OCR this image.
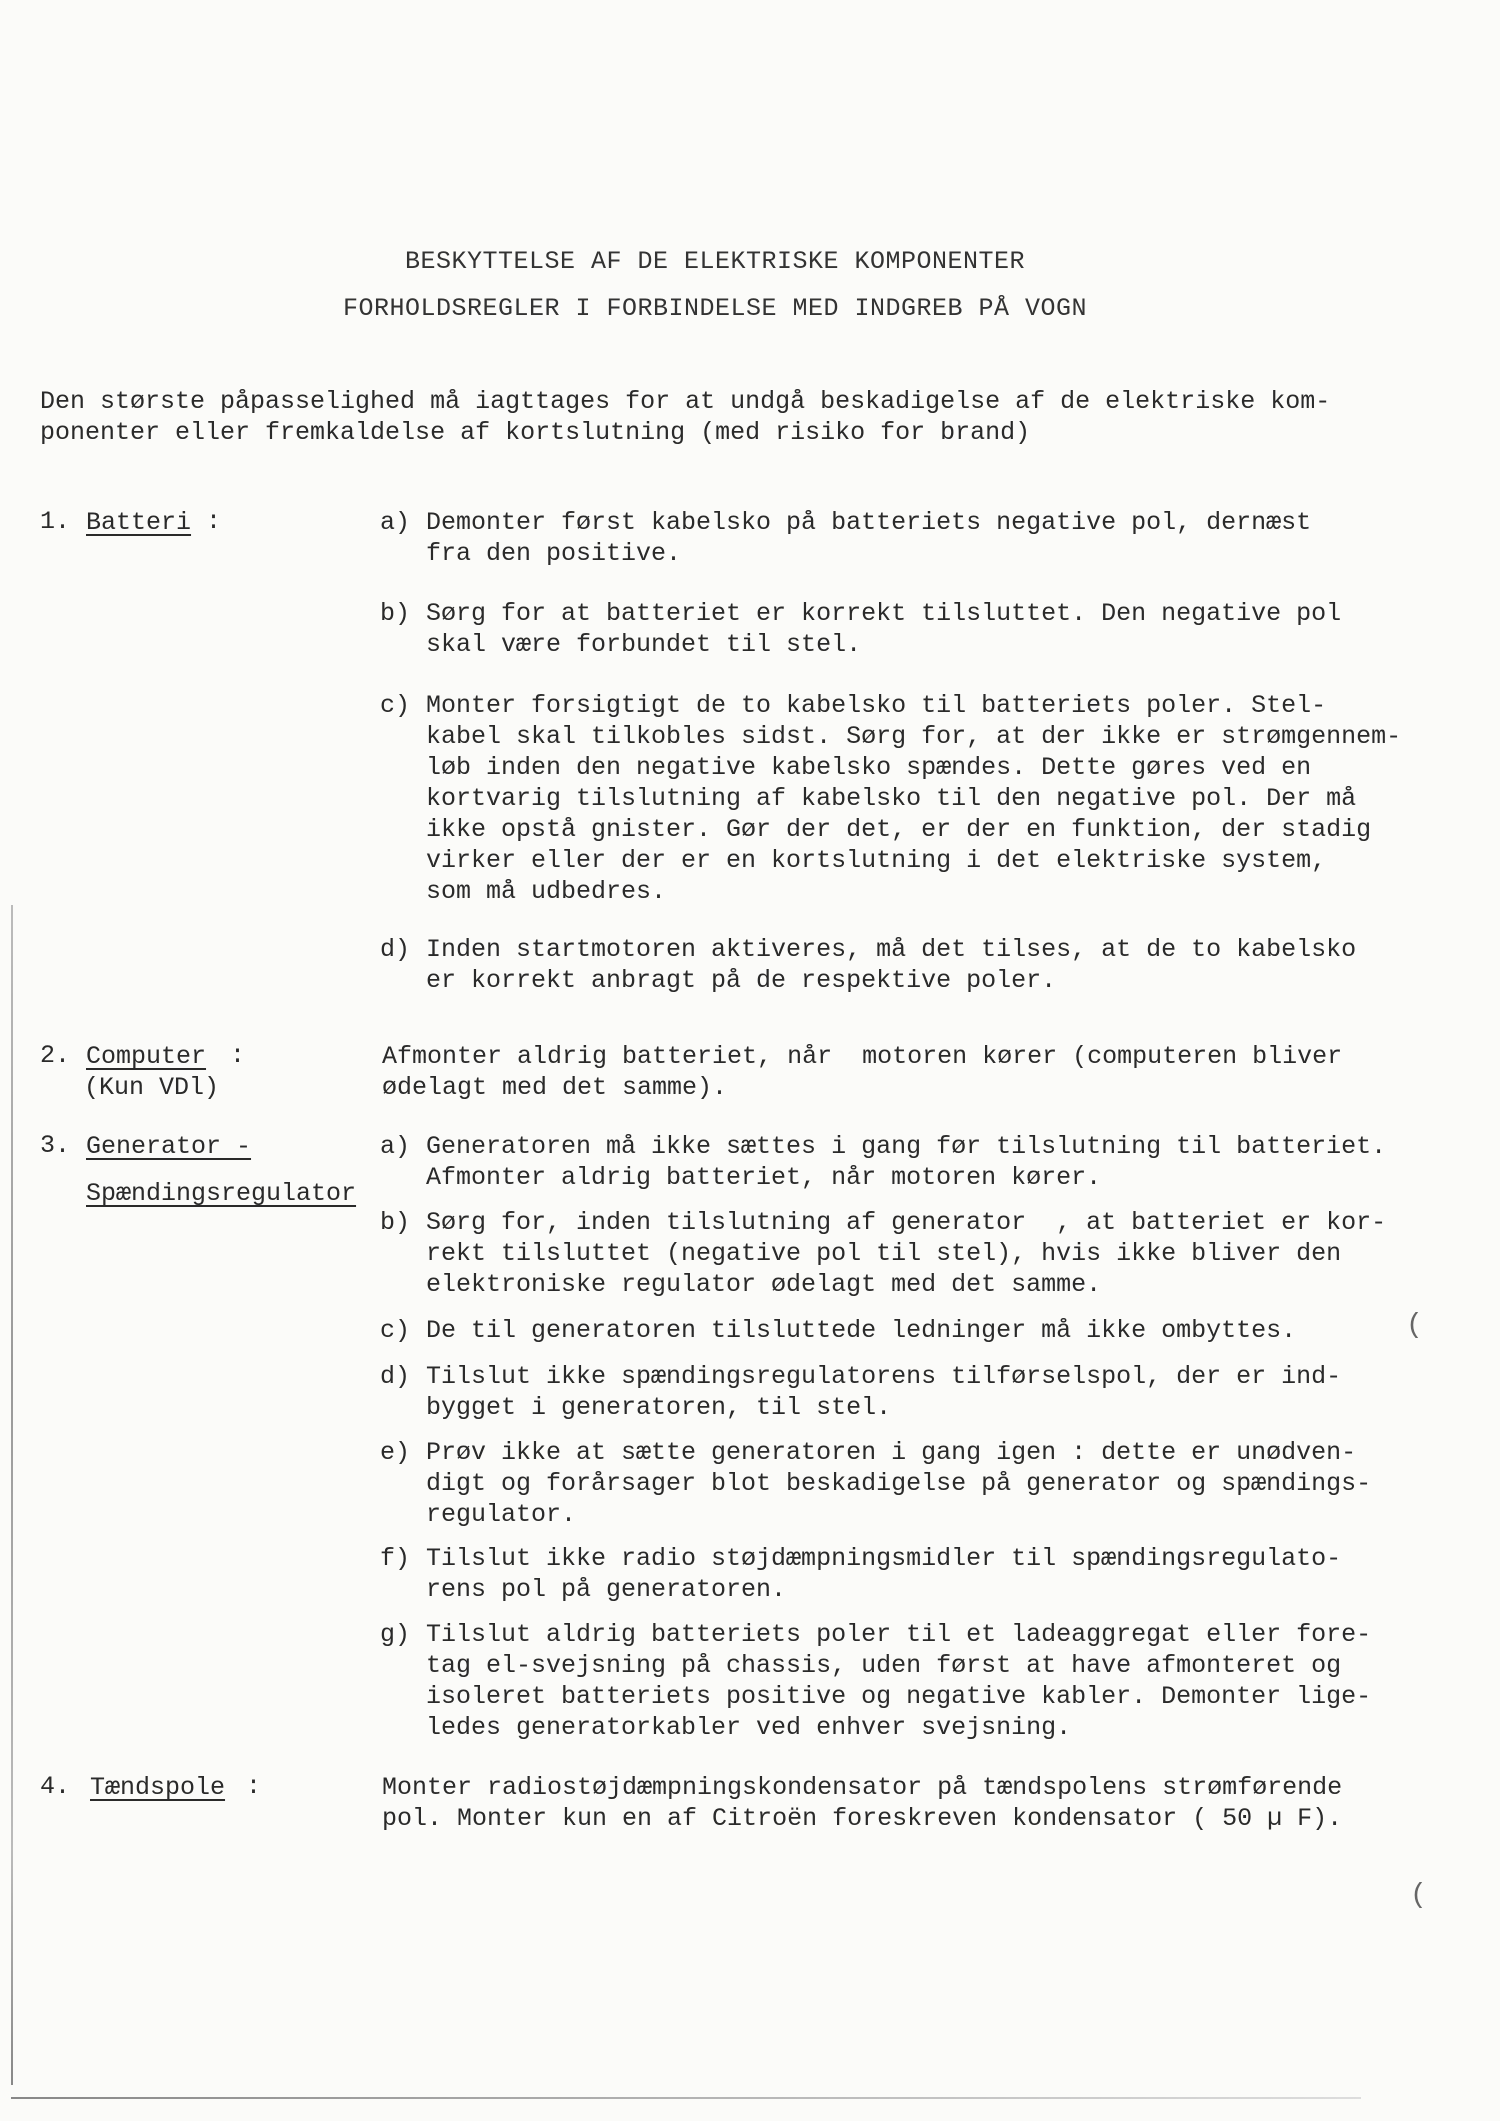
BESKYTTELSE AF DE ELEKTRISKE KOMPONENTER
FORHOLDSREGLER I FORBINDELSE MED INDGREB PÅ VOGN
Den største påpasselighed må iagttages for at undgå beskadigelse af de elektriske kom-
ponenter eller fremkaldelse af kortslutning (med risiko for brand)
1. Batteri :	a) Demonter først kabelsko på batteriets negative pol, dernæst
fra den positive.
b) Sørg for at batteriet er korrekt tilsluttet. Den negative pol
skal være forbundet til stel.
c) Monter forsigtigt de to kabelsko til batteriets poler. Stel-
kabel skal tilkobles sidst. Sørg for, at der ikke er strømgennem-
løb inden den negative kabelsko spændes. Dette gøres ved en
kortvarig tilslutning af kabelsko til den negative pol. Der må
ikke opstå gnister. Gør der det, er der en funktion, der stadig
virker eller der er en kortslutning i det elektriske system,
som må udbedres.
d) Inden startmotoren aktiveres, må det tilses, at de to kabelsko
er korrekt anbragt på de respektive poler.
2. Computer :
(Kun VDl)
Afmonter aldrig batteriet, når  motoren kører (computeren bliver
ødelagt med det samme).
3. Generator -
Spændingsregulator
a) Generatoren må ikke sættes i gang før tilslutning til batteriet.
Afmonter aldrig batteriet, når motoren kører.
b) Sørg for, inden tilslutning af generator  , at batteriet er kor-
rekt tilsluttet (negative pol til stel), hvis ikke bliver den
elektroniske regulator ødelagt med det samme.
c) De til generatoren tilsluttede ledninger må ikke ombyttes.
d) Tilslut ikke spændingsregulatorens tilførselspol, der er ind-
bygget i generatoren, til stel.
e) Prøv ikke at sætte generatoren i gang igen : dette er unødven-
digt og forårsager blot beskadigelse på generator og spændings-
regulator.
f) Tilslut ikke radio støjdæmpningsmidler til spændingsregulato-
rens pol på generatoren.
g) Tilslut aldrig batteriets poler til et ladeaggregat eller fore-
tag el-svejsning på chassis, uden først at have afmonteret og
isoleret batteriets positive og negative kabler. Demonter lige-
ledes generatorkabler ved enhver svejsning.
4. Tændspole :	Monter radiostøjdæmpningskondensator på tændspolens strømførende
pol. Monter kun en af Citroën foreskreven kondensator ( 50 µ F).
(
(
